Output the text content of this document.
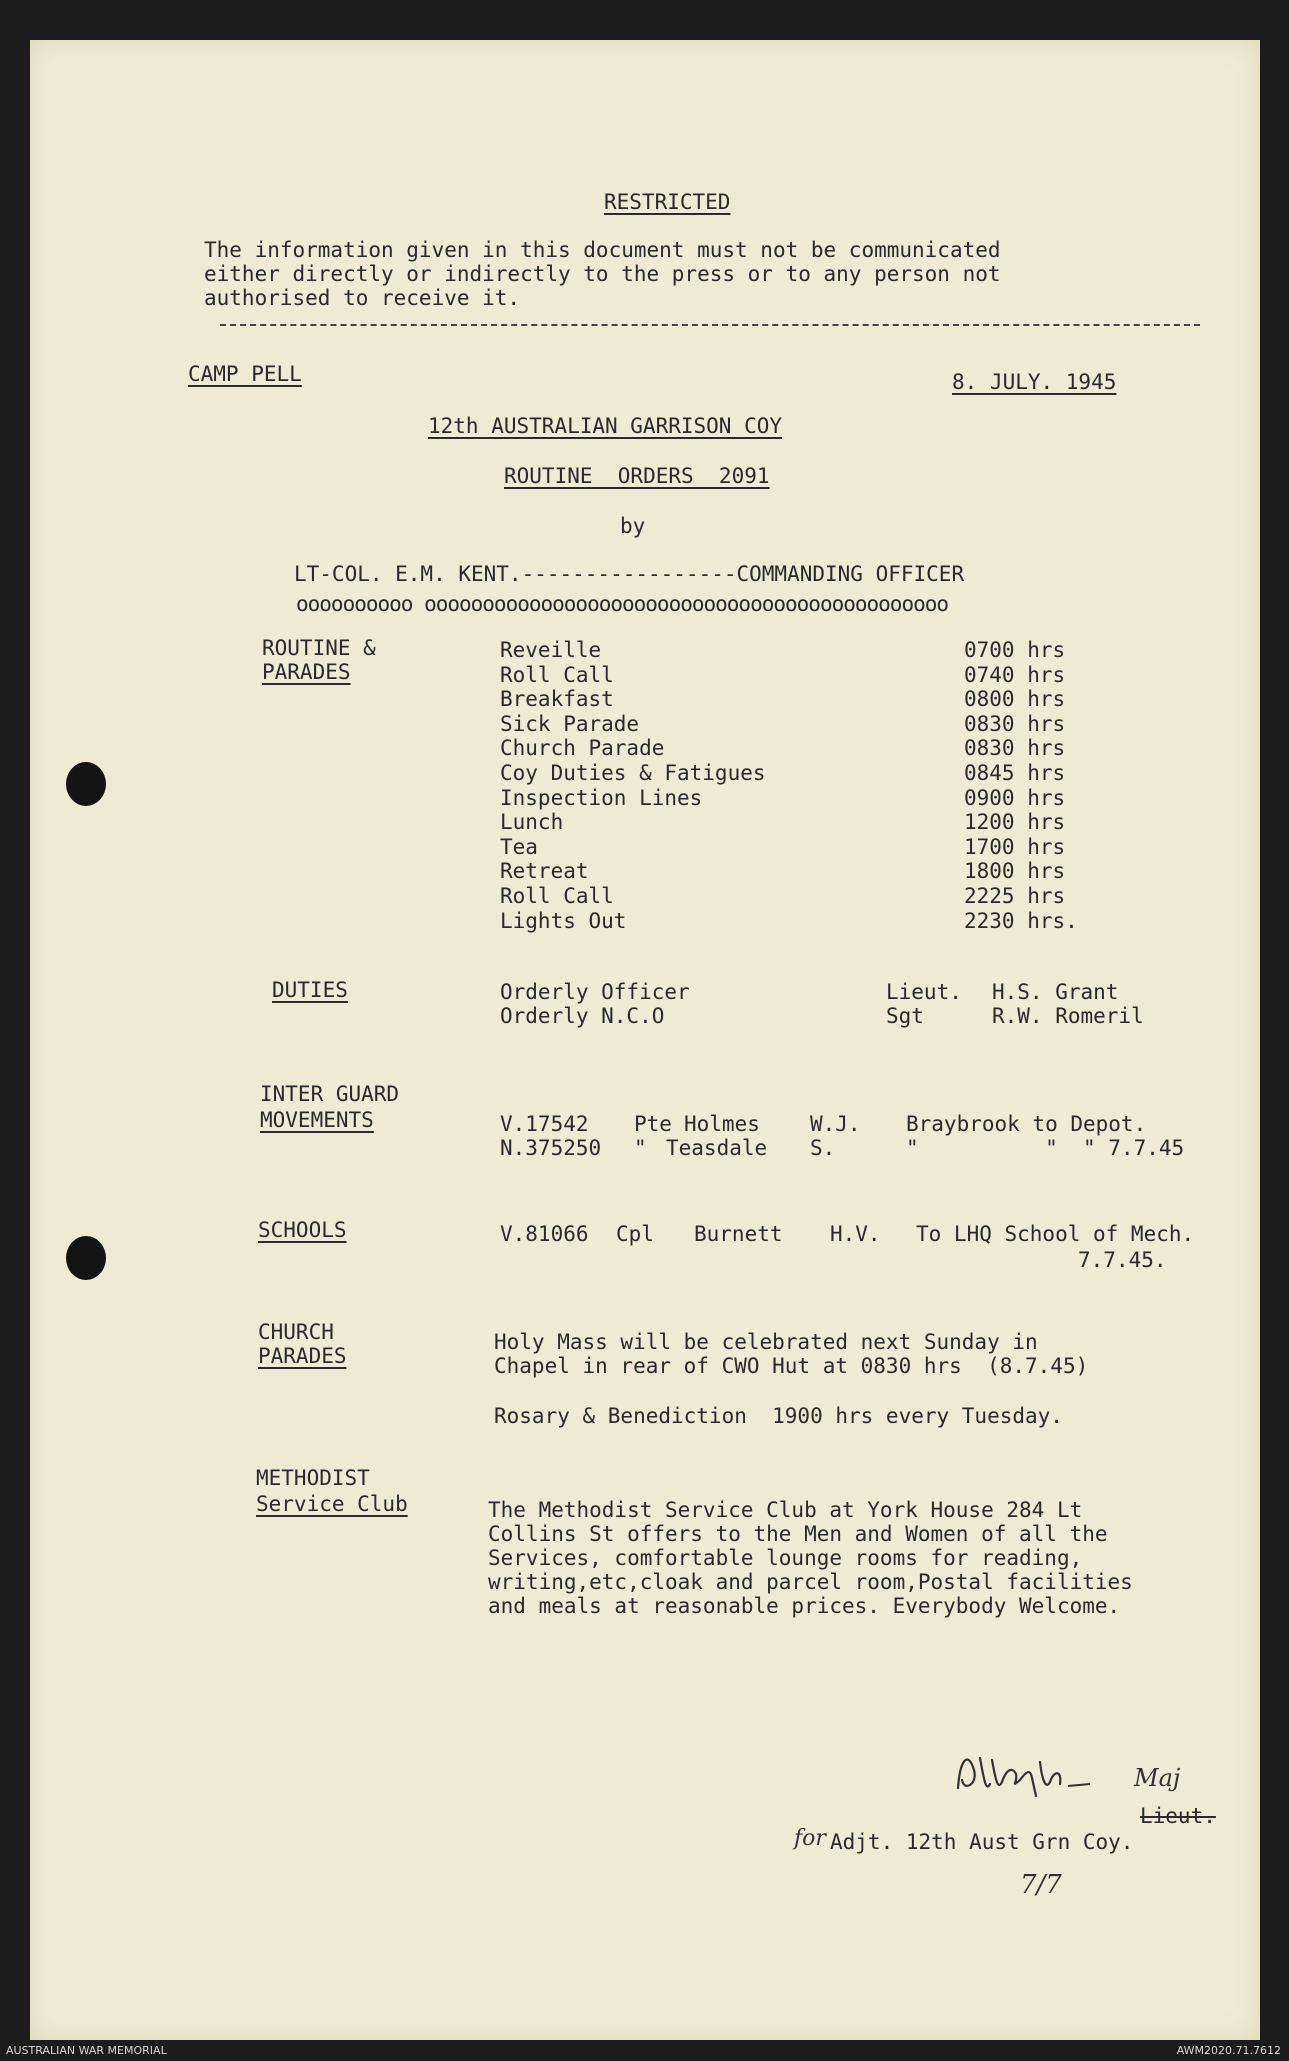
RESTRICTED
The information given in this document must not be communicated
either directly or indirectly to the press or to any person not
authorised to receive it.
CAMP PELL	8. JULY. 1945
12th AUSTRALIAN GARRISON COY
ROUTINE  ORDERS  2091
by
LT-COL. E.M. KENT.-----------------COMMANDING OFFICER
oooooooooo ooooooooooooooooooooooooooooooooooooooooooooo
ROUTINE &
PARADES
Reveille	0700 hrs
Roll Call	0740 hrs
Breakfast	0800 hrs
Sick Parade	0830 hrs
Church Parade	0830 hrs
Coy Duties & Fatigues	0845 hrs
Inspection Lines	0900 hrs
Lunch	1200 hrs
Tea	1700 hrs
Retreat	1800 hrs
Roll Call	2225 hrs
Lights Out	2230 hrs.
DUTIES	Orderly Officer	Lieut. H.S. Grant
Orderly N.C.O	Sgt	R.W. Romeril
INTER GUARD
MOVEMENTS	V.17542 Pte Holmes W.J. Braybrook to Depot.
N.375250 " Teasdale S.	"          "  " 7.7.45
SCHOOLS	V.81066 Cpl Burnett H.V. To LHQ School of Mech.
7.7.45.
CHURCH
PARADES
Holy Mass will be celebrated next Sunday in
Chapel in rear of CWO Hut at 0830 hrs  (8.7.45)
Rosary & Benediction  1900 hrs every Tuesday.
METHODIST
Service Club	The Methodist Service Club at York House 284 Lt
Collins St offers to the Men and Women of all the
Services, comfortable lounge rooms for reading,
writing,etc,cloak and parcel room,Postal facilities
and meals at reasonable prices. Everybody Welcome.
Maj
Lieut.
for Adjt. 12th Aust Grn Coy.
7/7
AUSTRALIAN WAR MEMORIAL	AWM2020.71.7612
